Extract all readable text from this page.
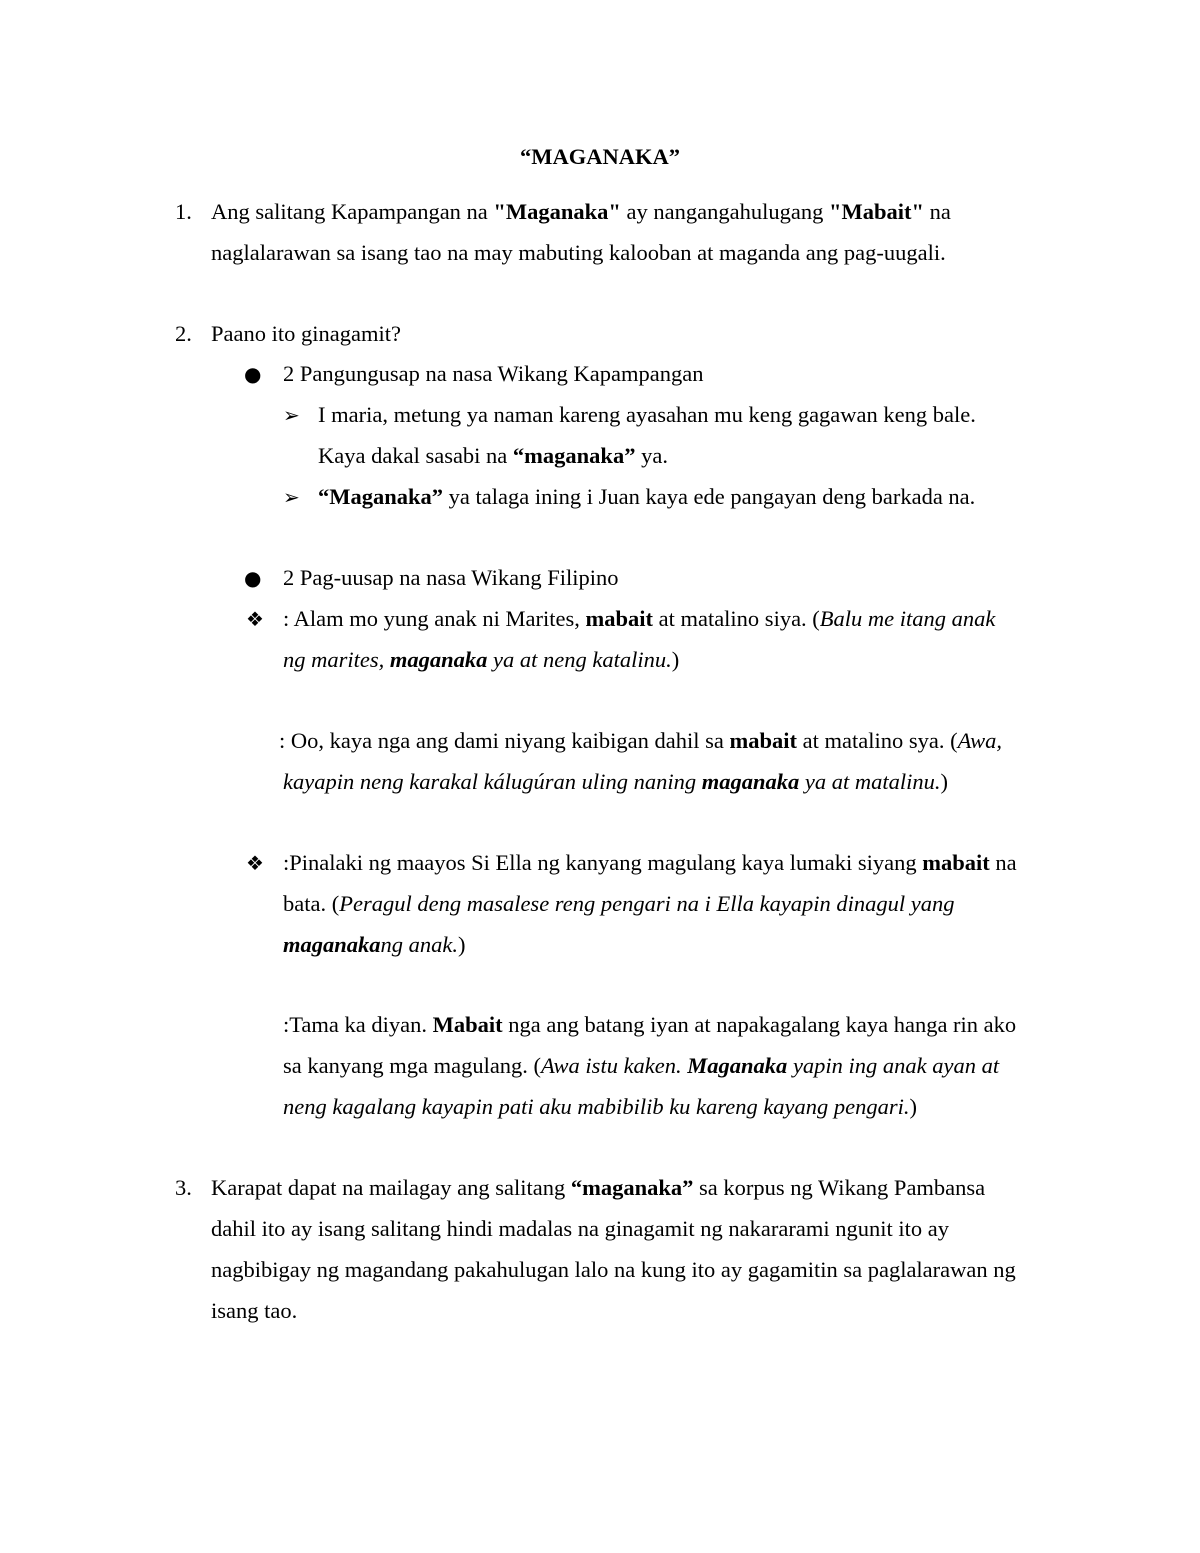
“MAGANAKA”
1. Ang salitang Kapampangan na "Maganaka" ay nangangahulugang "Mabait" na
naglalarawan sa isang tao na may mabuting kalooban at maganda ang pag-uugali.
2. Paano ito ginagamit?
● 2 Pangungusap na nasa Wikang Kapampangan
➢ I maria, metung ya naman kareng ayasahan mu keng gagawan keng bale.
Kaya dakal sasabi na “maganaka” ya.
➢ “Maganaka” ya talaga ining i Juan kaya ede pangayan deng barkada na.
● 2 Pag-uusap na nasa Wikang Filipino
❖ : Alam mo yung anak ni Marites, mabait at matalino siya. (Balu me itang anak
ng marites, maganaka ya at neng katalinu.)
: Oo, kaya nga ang dami niyang kaibigan dahil sa mabait at matalino sya. (Awa,
kayapin neng karakal kálugúran uling naning maganaka ya at matalinu.)
❖ :Pinalaki ng maayos Si Ella ng kanyang magulang kaya lumaki siyang mabait na
bata. (Peragul deng masalese reng pengari na i Ella kayapin dinagul yang
maganakang anak.)
:Tama ka diyan. Mabait nga ang batang iyan at napakagalang kaya hanga rin ako
sa kanyang mga magulang. (Awa istu kaken. Maganaka yapin ing anak ayan at
neng kagalang kayapin pati aku mabibilib ku kareng kayang pengari.)
3. Karapat dapat na mailagay ang salitang “maganaka” sa korpus ng Wikang Pambansa
dahil ito ay isang salitang hindi madalas na ginagamit ng nakararami ngunit ito ay
nagbibigay ng magandang pakahulugan lalo na kung ito ay gagamitin sa paglalarawan ng
isang tao.
